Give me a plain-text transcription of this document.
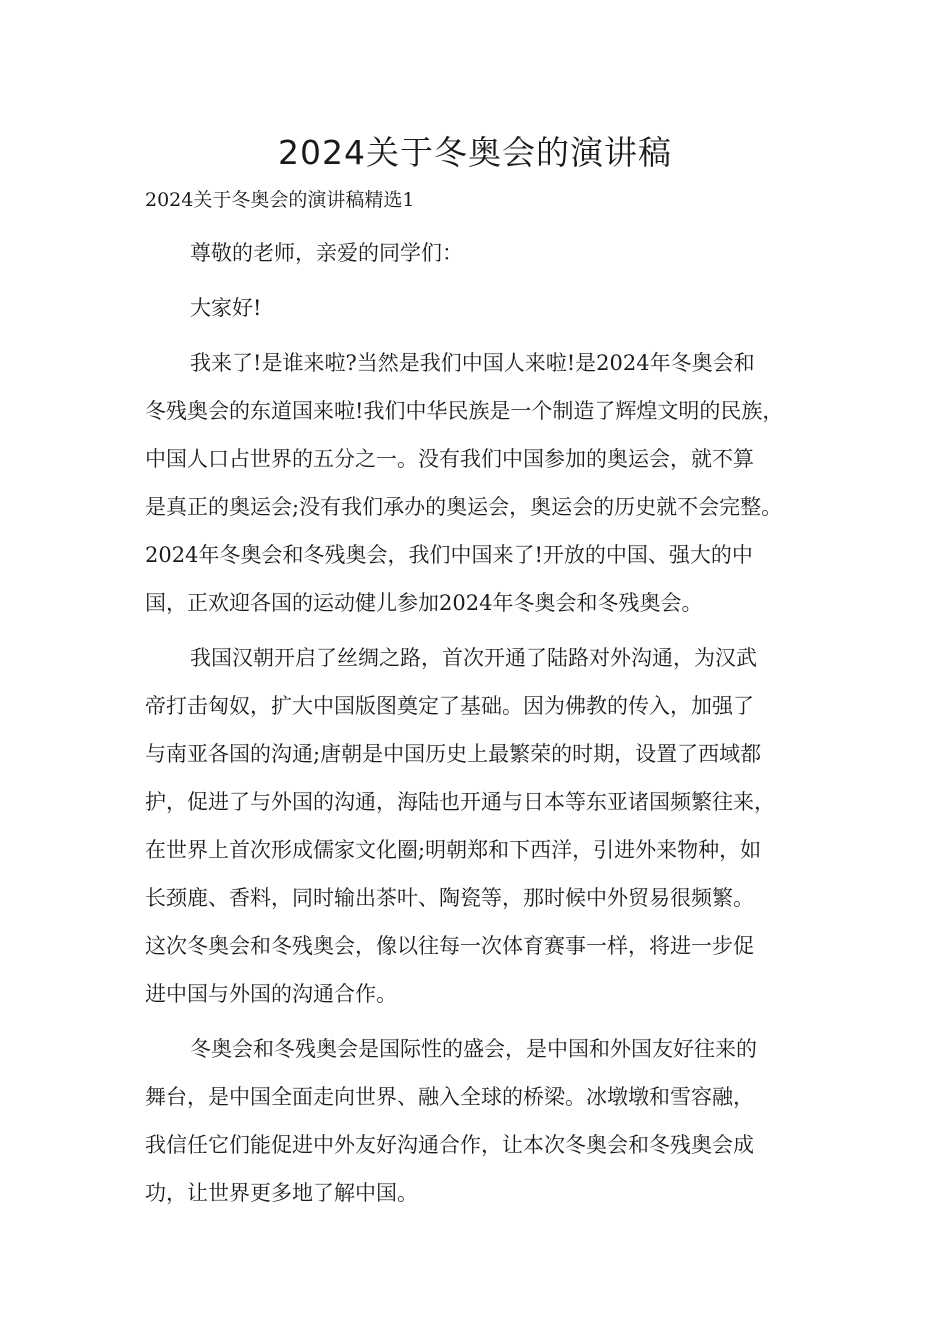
2024关于冬奥会的演讲稿
2024关于冬奥会的演讲稿精选1

尊敬的老师，亲爱的同学们：

大家好!

我来了!是谁来啦?当然是我们中国人来啦!是2024年冬奥会和
冬残奥会的东道国来啦!我们中华民族是一个制造了辉煌文明的民族，
中国人口占世界的五分之一。没有我们中国参加的奥运会，就不算
是真正的奥运会;没有我们承办的奥运会，奥运会的历史就不会完整。
2024年冬奥会和冬残奥会，我们中国来了!开放的中国、强大的中
国，正欢迎各国的运动健儿参加2024年冬奥会和冬残奥会。

我国汉朝开启了丝绸之路，首次开通了陆路对外沟通，为汉武
帝打击匈奴，扩大中国版图奠定了基础。因为佛教的传入，加强了
与南亚各国的沟通;唐朝是中国历史上最繁荣的时期，设置了西域都
护，促进了与外国的沟通，海陆也开通与日本等东亚诸国频繁往来，
在世界上首次形成儒家文化圈;明朝郑和下西洋，引进外来物种，如
长颈鹿、香料，同时输出茶叶、陶瓷等，那时候中外贸易很频繁。
这次冬奥会和冬残奥会，像以往每一次体育赛事一样，将进一步促
进中国与外国的沟通合作。

冬奥会和冬残奥会是国际性的盛会，是中国和外国友好往来的
舞台，是中国全面走向世界、融入全球的桥梁。冰墩墩和雪容融，
我信任它们能促进中外友好沟通合作，让本次冬奥会和冬残奥会成
功，让世界更多地了解中国。
